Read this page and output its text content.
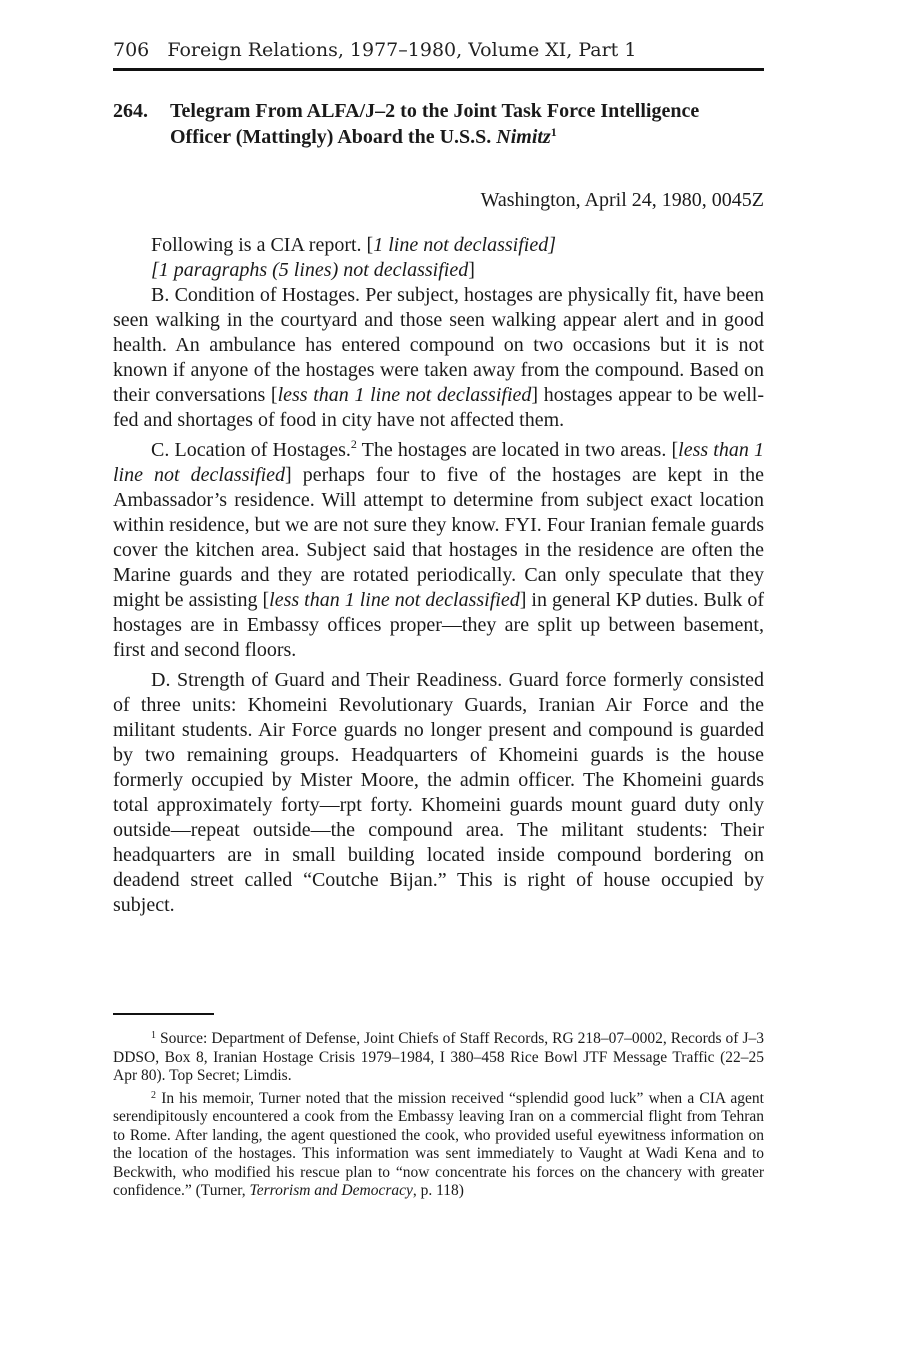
706 Foreign Relations, 1977–1980, Volume XI, Part 1
264. Telegram From ALFA/J–2 to the Joint Task Force Intelligence Officer (Mattingly) Aboard the U.S.S. Nimitz$^1$
Washington, April 24, 1980, 0045Z

Following is a CIA report. [1 line not declassified]

[1 paragraphs (5 lines) not declassified]

B. Condition of Hostages. Per subject, hostages are physically fit, have been seen walking in the courtyard and those seen walking appear alert and in good health. An ambulance has entered compound on two occasions but it is not known if anyone of the hostages were taken away from the compound. Based on their conversations [less than 1 line not declassified] hostages appear to be well-fed and shortages of food in city have not affected them.

C. Location of Hostages.$^2$ The hostages are located in two areas. [less than 1 line not declassified] perhaps four to five of the hostages are kept in the Ambassador’s residence. Will attempt to determine from subject exact location within residence, but we are not sure they know. FYI. Four Iranian female guards cover the kitchen area. Subject said that hostages in the residence are often the Marine guards and they are rotated periodically. Can only speculate that they might be assisting [less than 1 line not declassified] in general KP duties. Bulk of hostages are in Embassy offices proper—they are split up between basement, first and second floors.

D. Strength of Guard and Their Readiness. Guard force formerly consisted of three units: Khomeini Revolutionary Guards, Iranian Air Force and the militant students. Air Force guards no longer present and compound is guarded by two remaining groups. Headquarters of Khomeini guards is the house formerly occupied by Mister Moore, the admin officer. The Khomeini guards total approximately forty—rpt forty. Khomeini guards mount guard duty only outside—repeat outside—the compound area. The militant students: Their headquarters are in small building located inside compound bordering on deadend street called “Coutche Bijan.” This is right of house occupied by subject.

$^1$ Source: Department of Defense, Joint Chiefs of Staff Records, RG 218–07–0002, Records of J–3 DDSO, Box 8, Iranian Hostage Crisis 1979–1984, I 380–458 Rice Bowl JTF Message Traffic (22–25 Apr 80). Top Secret; Limdis.

$^2$ In his memoir, Turner noted that the mission received “splendid good luck” when a CIA agent serendipitously encountered a cook from the Embassy leaving Iran on a commercial flight from Tehran to Rome. After landing, the agent questioned the cook, who provided useful eyewitness information on the location of the hostages. This information was sent immediately to Vaught at Wadi Kena and to Beckwith, who modified his rescue plan to “now concentrate his forces on the chancery with greater confidence.” (Turner, Terrorism and Democracy, p. 118)
